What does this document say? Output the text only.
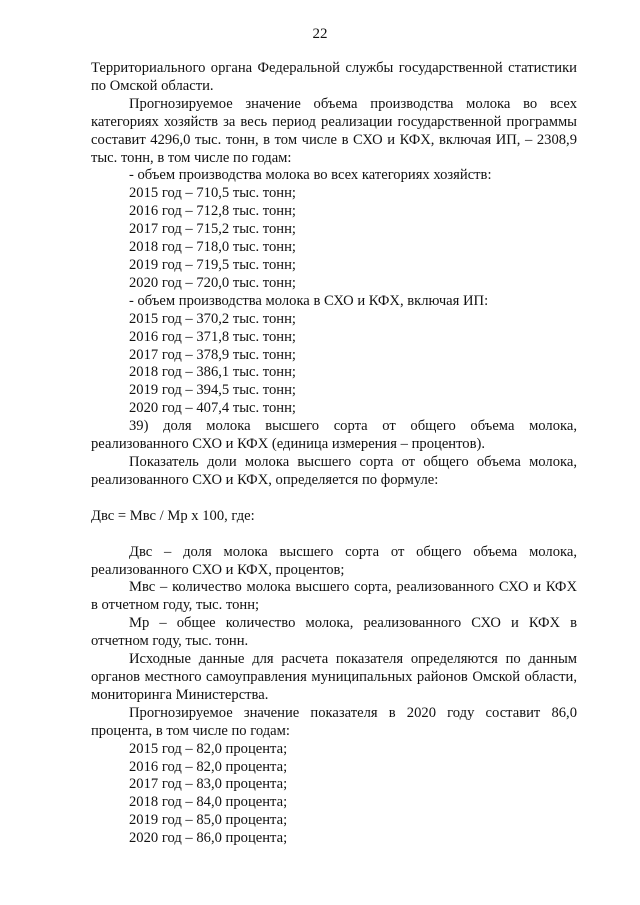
22

Территориального органа Федеральной службы государственной статистики по Омской области.

Прогнозируемое значение объема производства молока во всех категориях хозяйств за весь период реализации государственной программы составит 4296,0 тыс. тонн, в том числе в СХО и КФХ, включая ИП, – 2308,9 тыс. тонн, в том числе по годам:

- объем производства молока во всех категориях хозяйств:

2015 год – 710,5 тыс. тонн;

2016 год – 712,8 тыс. тонн;

2017 год – 715,2 тыс. тонн;

2018 год – 718,0 тыс. тонн;

2019 год – 719,5 тыс. тонн;

2020 год – 720,0 тыс. тонн;

- объем производства молока в СХО и КФХ, включая ИП:

2015 год – 370,2 тыс. тонн;

2016 год – 371,8 тыс. тонн;

2017 год – 378,9 тыс. тонн;

2018 год – 386,1 тыс. тонн;

2019 год – 394,5 тыс. тонн;

2020 год – 407,4 тыс. тонн;

39) доля молока высшего сорта от общего объема молока, реализованного СХО и КФХ (единица измерения – процентов).

Показатель доли молока высшего сорта от общего объема молока, реализованного СХО и КФХ, определяется по формуле:

Двс = Мвс / Мр х 100, где:

Двс – доля молока высшего сорта от общего объема молока, реализованного СХО и КФХ, процентов;

Мвс – количество молока высшего сорта, реализованного СХО и КФХ в отчетном году, тыс. тонн;

Мр – общее количество молока, реализованного СХО и КФХ в отчетном году, тыс. тонн.

Исходные данные для расчета показателя определяются по данным органов местного самоуправления муниципальных районов Омской области, мониторинга Министерства.

Прогнозируемое значение показателя в 2020 году составит 86,0 процента, в том числе по годам:

2015 год – 82,0 процента;

2016 год – 82,0 процента;

2017 год – 83,0 процента;

2018 год – 84,0 процента;

2019 год – 85,0 процента;

2020 год – 86,0 процента;
